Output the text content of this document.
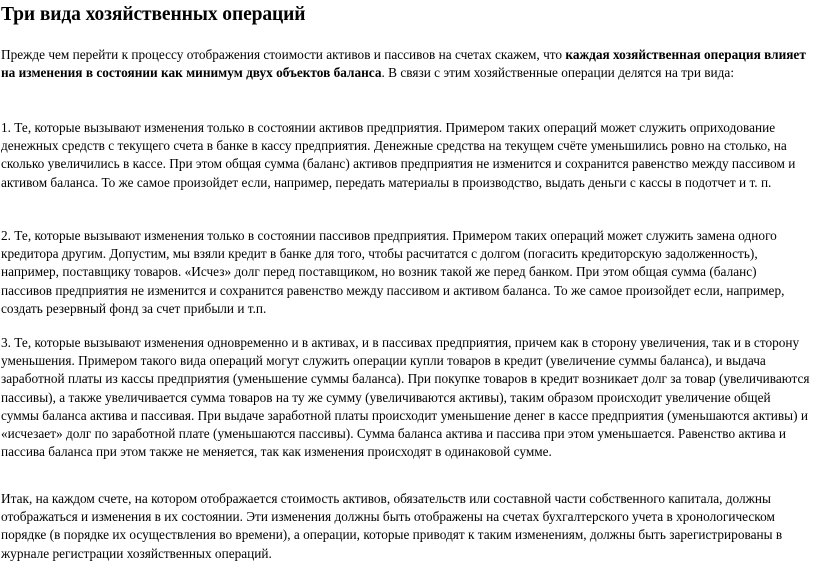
Три вида хозяйственных операций

Прежде чем перейти к процессу отображения стоимости активов и пассивов на счетах скажем, что каждая хозяйственная операция влияет на изменения в состоянии как минимум двух объектов баланса. В связи с этим хозяйственные операции делятся на три вида:

1. Те, которые вызывают изменения только в состоянии активов предприятия. Примером таких операций может служить оприходование денежных средств с текущего счета в банке в кассу предприятия. Денежные средства на текущем счёте уменьшились ровно на столько, на сколько увеличились в кассе. При этом общая сумма (баланс) активов предприятия не изменится и сохранится равенство между пассивом и активом баланса. То же самое произойдет если, например, передать материалы в производство, выдать деньги с кассы в подотчет и т. п.

2. Те, которые вызывают изменения только в состоянии пассивов предприятия. Примером таких операций может служить замена одного кредитора другим. Допустим, мы взяли кредит в банке для того, чтобы расчитатся с долгом (погасить кредиторскую задолженность), например, поставщику товаров. «Исчез» долг перед поставщиком, но возник такой же перед банком. При этом общая сумма (баланс) пассивов предприятия не изменится и сохранится равенство между пассивом и активом баланса. То же самое произойдет если, например, создать резервный фонд за счет прибыли и т.п.

3. Те, которые вызывают изменения одновременно и в активах, и в пассивах предприятия, причем как в сторону увеличения, так и в сторону уменьшения. Примером такого вида операций могут служить операции купли товаров в кредит (увеличение суммы баланса), и выдача заработной платы из кассы предприятия (уменьшение суммы баланса). При покупке товаров в кредит возникает долг за товар (увеличиваются пассивы), а также увеличивается сумма товаров на ту же сумму (увеличиваются активы), таким образом происходит увеличение общей суммы баланса актива и пассивая. При выдаче заработной платы происходит уменьшение денег в кассе предприятия (уменьшаются активы) и «исчезает» долг по заработной плате (уменьшаются пассивы). Сумма баланса актива и пассива при этом уменьшается. Равенство актива и пассива баланса при этом также не меняется, так как изменения происходят в одинаковой сумме.

Итак, на каждом счете, на котором отображается стоимость активов, обязательств или составной части собственного капитала, должны отображаться и изменения в их состоянии. Эти изменения должны быть отображены на счетах бухгалтерского учета в хронологическом порядке (в порядке их осуществления во времени), а операции, которые приводят к таким изменениям, должны быть зарегистрированы в журнале регистрации хозяйственных операций.
